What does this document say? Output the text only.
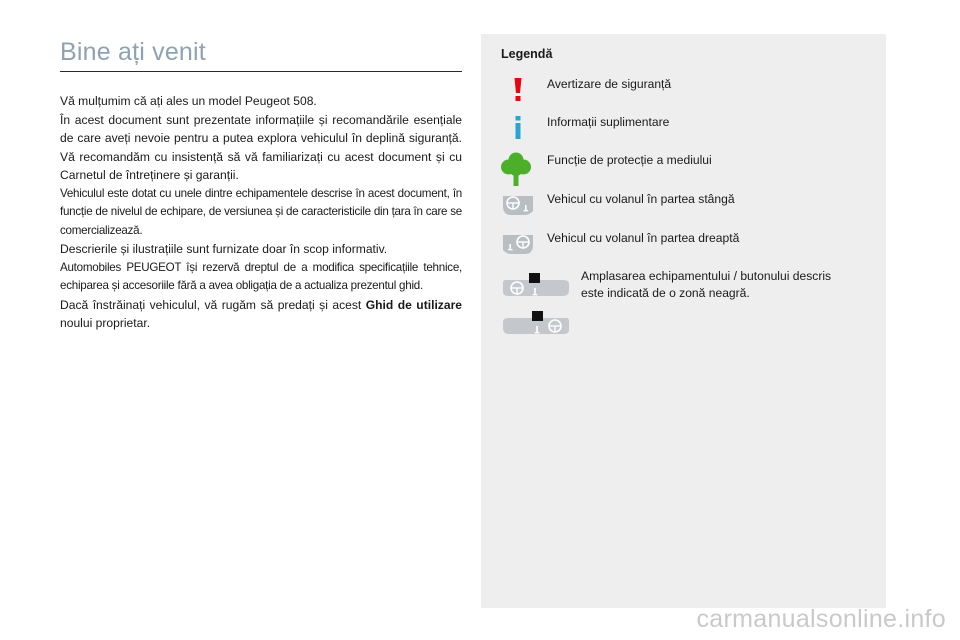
Bine ați venit

Vă mulțumim că ați ales un model Peugeot 508.

În acest document sunt prezentate informațiile și recomandările esențiale de care aveți nevoie pentru a putea explora vehiculul în deplină siguranță. Vă recomandăm cu insistență să vă familiarizați cu acest document și cu Carnetul de întreținere și garanții.

Vehiculul este dotat cu unele dintre echipamentele descrise în acest document, în funcție de nivelul de echipare, de versiunea și de caracteristicile din țara în care se comercializează.

Descrierile și ilustrațiile sunt furnizate doar în scop informativ.

Automobiles PEUGEOT își rezervă dreptul de a modifica specificațiile tehnice, echiparea și accesoriile fără a avea obligația de a actualiza prezentul ghid.

Dacă înstrăinați vehiculul, vă rugăm să predați și acest Ghid de utilizare noului proprietar.

Legendă
Avertizare de siguranță
Informații suplimentare
Funcție de protecție a mediului
Vehicul cu volanul în partea stângă
Vehicul cu volanul în partea dreaptă
Amplasarea echipamentului / butonului descris este indicată de o zonă neagră.
carmanualsonline.info
